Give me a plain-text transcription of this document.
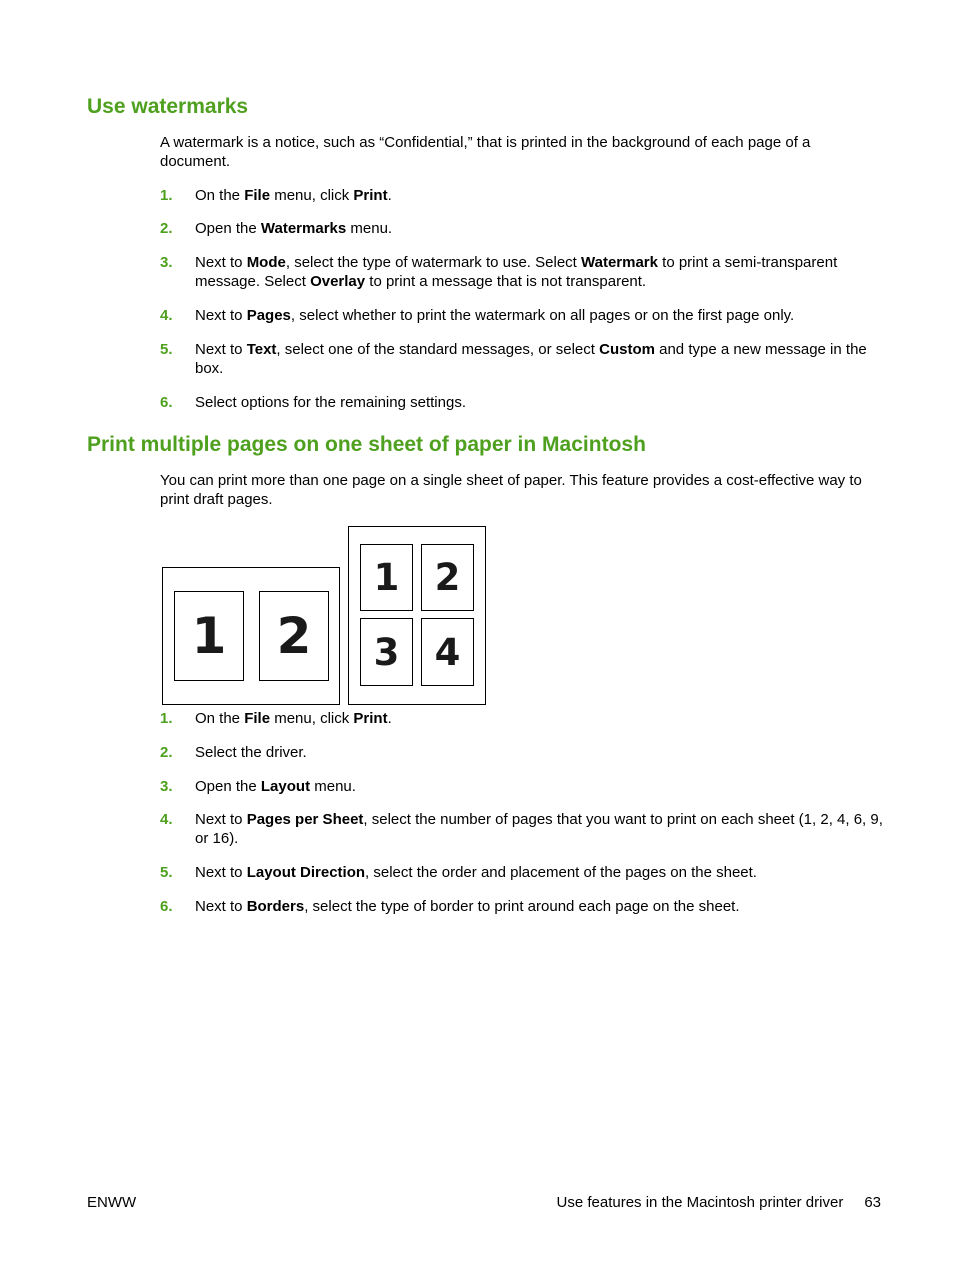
Use watermarks

A watermark is a notice, such as “Confidential,” that is printed in the background of each page of a document.

1. On the File menu, click Print.
2. Open the Watermarks menu.
3. Next to Mode, select the type of watermark to use. Select Watermark to print a semi-transparent message. Select Overlay to print a message that is not transparent.
4. Next to Pages, select whether to print the watermark on all pages or on the first page only.
5. Next to Text, select one of the standard messages, or select Custom and type a new message in the box.
6. Select options for the remaining settings.
Print multiple pages on one sheet of paper in Macintosh

You can print more than one page on a single sheet of paper. This feature provides a cost-effective way to print draft pages.

1	2
1 2
3 4
1. On the File menu, click Print.
2. Select the driver.
3. Open the Layout menu.
4. Next to Pages per Sheet, select the number of pages that you want to print on each sheet (1, 2, 4, 6, 9, or 16).
5. Next to Layout Direction, select the order and placement of the pages on the sheet.
6. Next to Borders, select the type of border to print around each page on the sheet.
ENWW	Use features in the Macintosh printer driver 63
